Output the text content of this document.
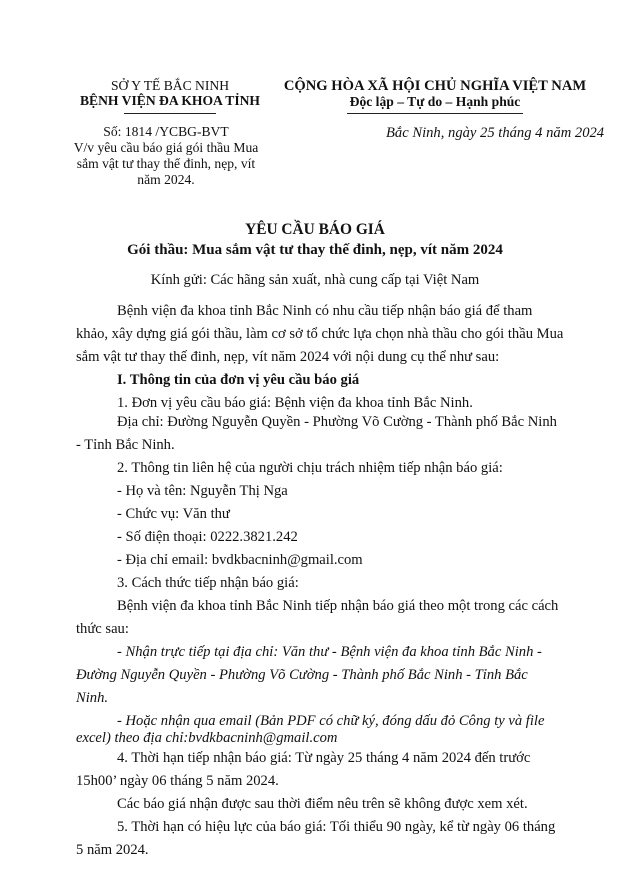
SỞ Y TẾ BẮC NINH
BỆNH VIỆN ĐA KHOA TỈNH
CỘNG HÒA XÃ HỘI CHỦ NGHĨA VIỆT NAM
Độc lập – Tự do – Hạnh phúc
Số: 1814 /YCBG-BVT
V/v yêu cầu báo giá gói thầu Mua
sắm vật tư thay thế đinh, nẹp, vít
năm 2024.
Bắc Ninh, ngày 25 tháng 4 năm 2024
YÊU CẦU BÁO GIÁ
Gói thầu: Mua sắm vật tư thay thế đinh, nẹp, vít năm 2024
Kính gửi: Các hãng sản xuất, nhà cung cấp tại Việt Nam
Bệnh viện đa khoa tỉnh Bắc Ninh có nhu cầu tiếp nhận báo giá để tham
khảo, xây dựng giá gói thầu, làm cơ sở tổ chức lựa chọn nhà thầu cho gói thầu Mua
sắm vật tư thay thế đinh, nẹp, vít năm 2024 với nội dung cụ thể như sau:
I. Thông tin của đơn vị yêu cầu báo giá
1. Đơn vị yêu cầu báo giá: Bệnh viện đa khoa tỉnh Bắc Ninh.
Địa chỉ: Đường Nguyễn Quyền - Phường Võ Cường - Thành phố Bắc Ninh
- Tỉnh Bắc Ninh.
2. Thông tin liên hệ của người chịu trách nhiệm tiếp nhận báo giá:
- Họ và tên: Nguyễn Thị Nga
- Chức vụ: Văn thư
- Số điện thoại: 0222.3821.242
- Địa chỉ email: bvdkbacninh@gmail.com
3. Cách thức tiếp nhận báo giá:
Bệnh viện đa khoa tỉnh Bắc Ninh tiếp nhận báo giá theo một trong các cách
thức sau:
- Nhận trực tiếp tại địa chỉ: Văn thư - Bệnh viện đa khoa tỉnh Bắc Ninh -
Đường Nguyễn Quyền - Phường Võ Cường - Thành phố Bắc Ninh - Tỉnh Bắc
Ninh.
- Hoặc nhận qua email (Bản PDF có chữ ký, đóng dấu đỏ Công ty và file
excel) theo địa chỉ:bvdkbacninh@gmail.com
4. Thời hạn tiếp nhận báo giá: Từ ngày 25 tháng 4 năm 2024 đến trước
15h00’ ngày 06 tháng 5 năm 2024.
Các báo giá nhận được sau thời điểm nêu trên sẽ không được xem xét.
5. Thời hạn có hiệu lực của báo giá: Tối thiểu 90 ngày, kể từ ngày 06 tháng
5 năm 2024.
